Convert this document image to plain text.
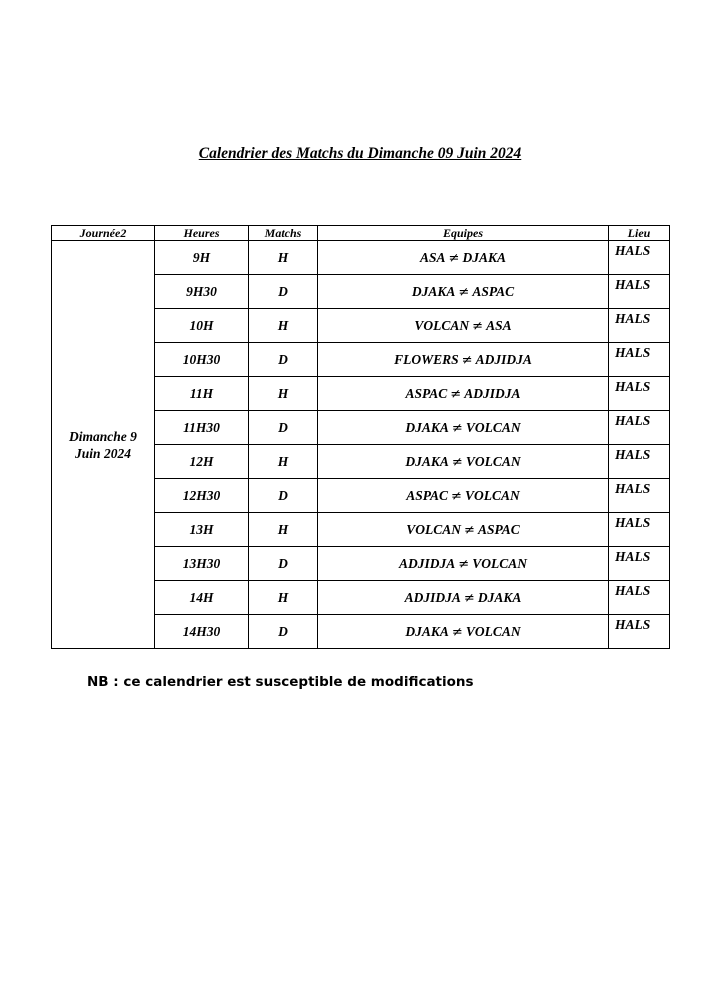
Calendrier des Matchs du Dimanche 09 Juin 2024
Journée2	Heures	Matchs	Equipes	Lieu

Dimanche 9
Juin 2024	9H	H	ASA ≠ DJAKA	HALS
	9H30	D	DJAKA ≠ ASPAC	HALS
	10H	H	VOLCAN ≠ ASA	HALS
	10H30	D	FLOWERS ≠ ADJIDJA	HALS
	11H	H	ASPAC ≠ ADJIDJA	HALS
	11H30	D	DJAKA ≠ VOLCAN	HALS
	12H	H	DJAKA ≠ VOLCAN	HALS
	12H30	D	ASPAC ≠ VOLCAN	HALS
	13H	H	VOLCAN ≠ ASPAC	HALS
	13H30	D	ADJIDJA ≠ VOLCAN	HALS
	14H	H	ADJIDJA ≠ DJAKA	HALS
	14H30	D	DJAKA ≠ VOLCAN	HALS
NB : ce calendrier est susceptible de modifications
